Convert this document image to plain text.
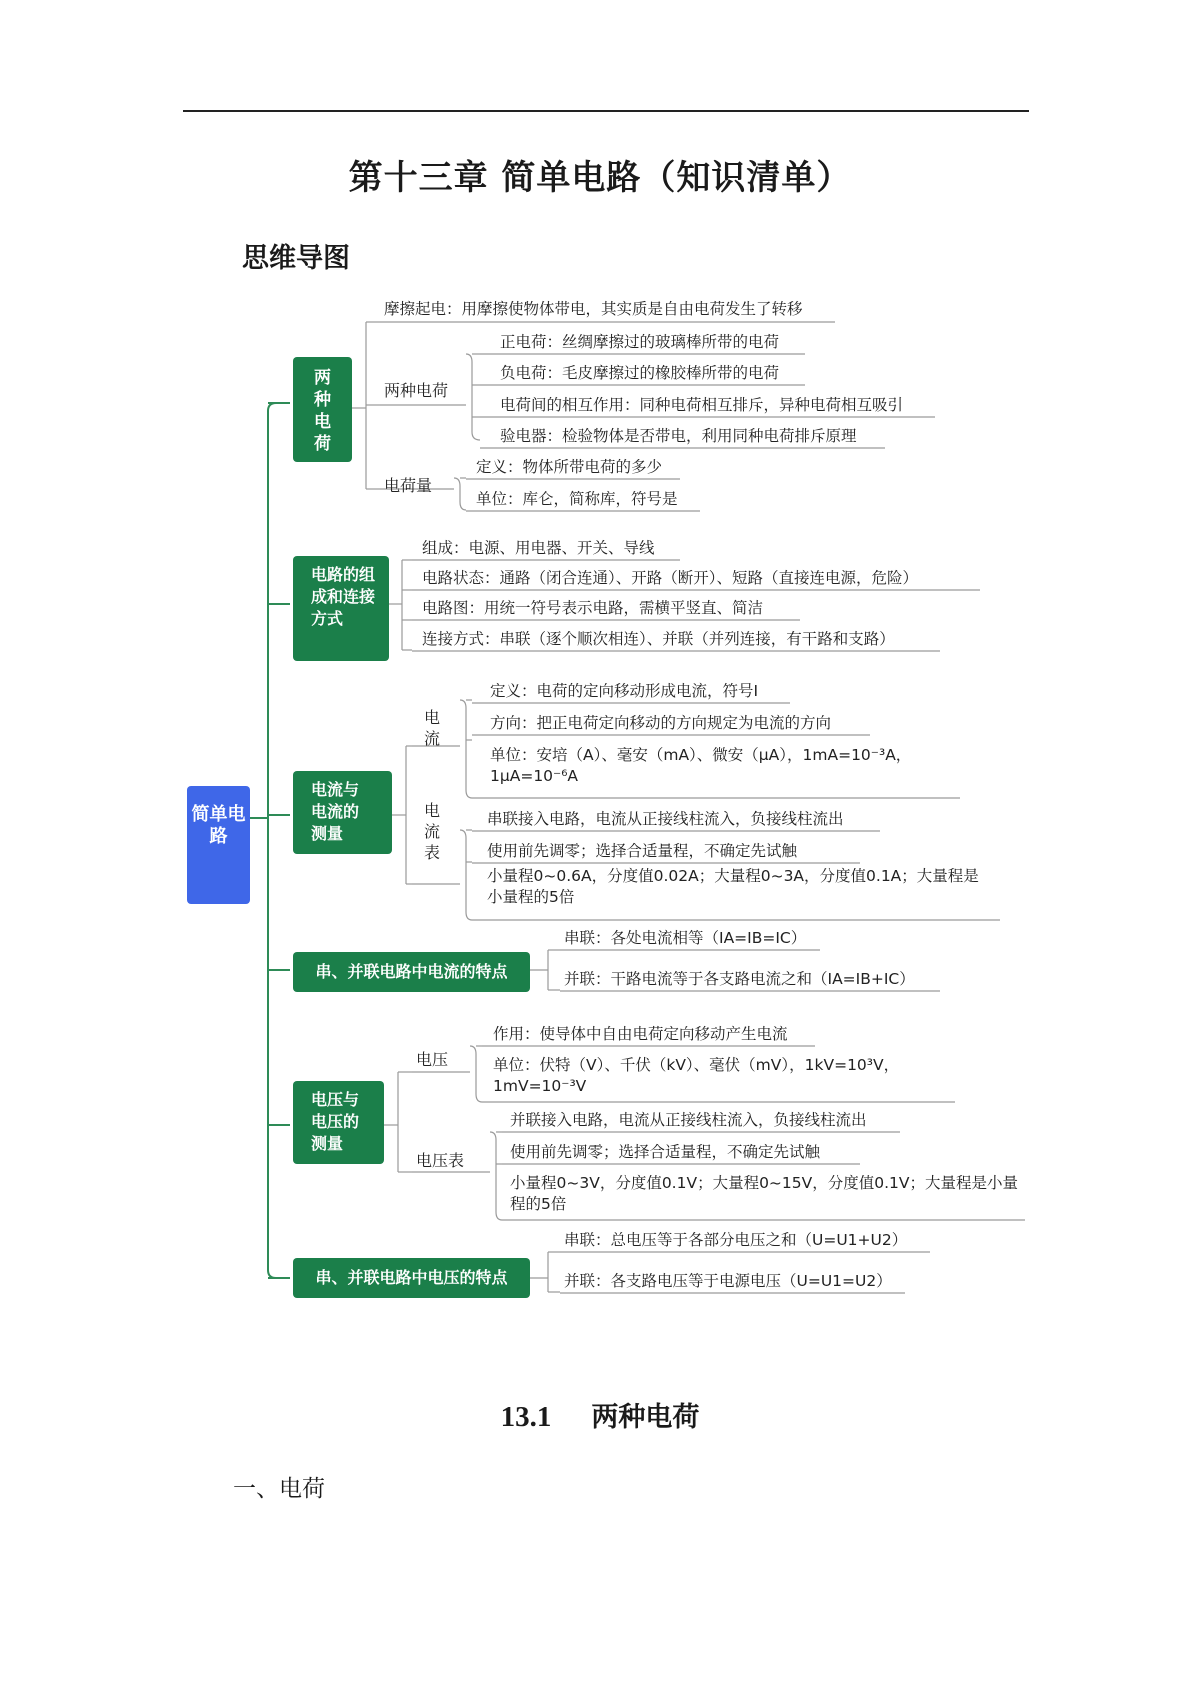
第十三章 简单电路（知识清单）
思维导图
简单电路
两种电荷
电路的组成和连接方式
电流与电流的测量
串、并联电路中电流的特点
电压与电压的测量
串、并联电路中电压的特点
摩擦起电：用摩擦使物体带电，其实质是自由电荷发生了转移
两种电荷
正电荷：丝绸摩擦过的玻璃棒所带的电荷
负电荷：毛皮摩擦过的橡胶棒所带的电荷
电荷间的相互作用：同种电荷相互排斥，异种电荷相互吸引
验电器：检验物体是否带电，利用同种电荷排斥原理
电荷量
定义：物体所带电荷的多少
单位：库仑，简称库，符号是
组成：电源、用电器、开关、导线
电路状态：通路（闭合连通）、开路（断开）、短路（直接连电源，危险）
电路图：用统一符号表示电路，需横平竖直、简洁
连接方式：串联（逐个顺次相连）、并联（并列连接，有干路和支路）
电流
定义：电荷的定向移动形成电流，符号I
方向：把正电荷定向移动的方向规定为电流的方向
单位：安培（A）、毫安（mA）、微安（μA），1mA=10⁻³A，1μA=10⁻⁶A
电流表
串联接入电路，电流从正接线柱流入，负接线柱流出
使用前先调零；选择合适量程，不确定先试触
小量程0~0.6A，分度值0.02A；大量程0~3A，分度值0.1A；大量程是小量程的5倍
串联：各处电流相等（IA=IB=IC）
并联：干路电流等于各支路电流之和（IA=IB+IC）
电压
作用：使导体中自由电荷定向移动产生电流
单位：伏特（V）、千伏（kV）、毫伏（mV），1kV=10³V，1mV=10⁻³V
电压表
并联接入电路，电流从正接线柱流入，负接线柱流出
使用前先调零；选择合适量程，不确定先试触
小量程0~3V，分度值0.1V；大量程0~15V，分度值0.1V；大量程是小量程的5倍
串联：总电压等于各部分电压之和（U=U1+U2）
并联：各支路电压等于电源电压（U=U1=U2）
13.1 两种电荷
一、电荷
